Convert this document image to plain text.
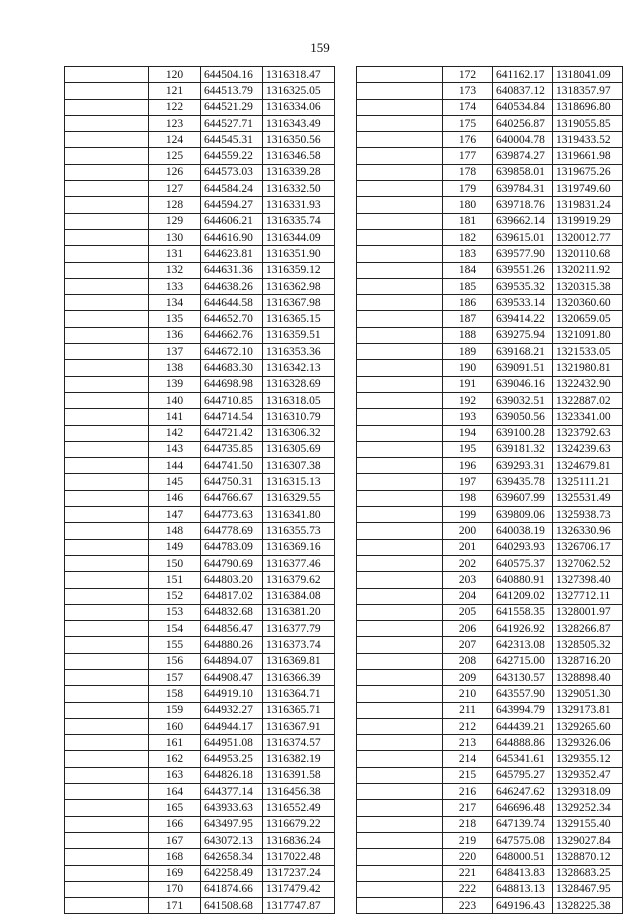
159
	120	644504.16	1316318.47
	121	644513.79	1316325.05
	122	644521.29	1316334.06
	123	644527.71	1316343.49
	124	644545.31	1316350.56
	125	644559.22	1316346.58
	126	644573.03	1316339.28
	127	644584.24	1316332.50
	128	644594.27	1316331.93
	129	644606.21	1316335.74
	130	644616.90	1316344.09
	131	644623.81	1316351.90
	132	644631.36	1316359.12
	133	644638.26	1316362.98
	134	644644.58	1316367.98
	135	644652.70	1316365.15
	136	644662.76	1316359.51
	137	644672.10	1316353.36
	138	644683.30	1316342.13
	139	644698.98	1316328.69
	140	644710.85	1316318.05
	141	644714.54	1316310.79
	142	644721.42	1316306.32
	143	644735.85	1316305.69
	144	644741.50	1316307.38
	145	644750.31	1316315.13
	146	644766.67	1316329.55
	147	644773.63	1316341.80
	148	644778.69	1316355.73
	149	644783.09	1316369.16
	150	644790.69	1316377.46
	151	644803.20	1316379.62
	152	644817.02	1316384.08
	153	644832.68	1316381.20
	154	644856.47	1316377.79
	155	644880.26	1316373.74
	156	644894.07	1316369.81
	157	644908.47	1316366.39
	158	644919.10	1316364.71
	159	644932.27	1316365.71
	160	644944.17	1316367.91
	161	644951.08	1316374.57
	162	644953.25	1316382.19
	163	644826.18	1316391.58
	164	644377.14	1316456.38
	165	643933.63	1316552.49
	166	643497.95	1316679.22
	167	643072.13	1316836.24
	168	642658.34	1317022.48
	169	642258.49	1317237.24
	170	641874.66	1317479.42
	171	641508.68	1317747.87
	172	641162.17	1318041.09
	173	640837.12	1318357.97
	174	640534.84	1318696.80
	175	640256.87	1319055.85
	176	640004.78	1319433.52
	177	639874.27	1319661.98
	178	639858.01	1319675.26
	179	639784.31	1319749.60
	180	639718.76	1319831.24
	181	639662.14	1319919.29
	182	639615.01	1320012.77
	183	639577.90	1320110.68
	184	639551.26	1320211.92
	185	639535.32	1320315.38
	186	639533.14	1320360.60
	187	639414.22	1320659.05
	188	639275.94	1321091.80
	189	639168.21	1321533.05
	190	639091.51	1321980.81
	191	639046.16	1322432.90
	192	639032.51	1322887.02
	193	639050.56	1323341.00
	194	639100.28	1323792.63
	195	639181.32	1324239.63
	196	639293.31	1324679.81
	197	639435.78	1325111.21
	198	639607.99	1325531.49
	199	639809.06	1325938.73
	200	640038.19	1326330.96
	201	640293.93	1326706.17
	202	640575.37	1327062.52
	203	640880.91	1327398.40
	204	641209.02	1327712.11
	205	641558.35	1328001.97
	206	641926.92	1328266.87
	207	642313.08	1328505.32
	208	642715.00	1328716.20
	209	643130.57	1328898.40
	210	643557.90	1329051.30
	211	643994.79	1329173.81
	212	644439.21	1329265.60
	213	644888.86	1329326.06
	214	645341.61	1329355.12
	215	645795.27	1329352.47
	216	646247.62	1329318.09
	217	646696.48	1329252.34
	218	647139.74	1329155.40
	219	647575.08	1329027.84
	220	648000.51	1328870.12
	221	648413.83	1328683.25
	222	648813.13	1328467.95
	223	649196.43	1328225.38
